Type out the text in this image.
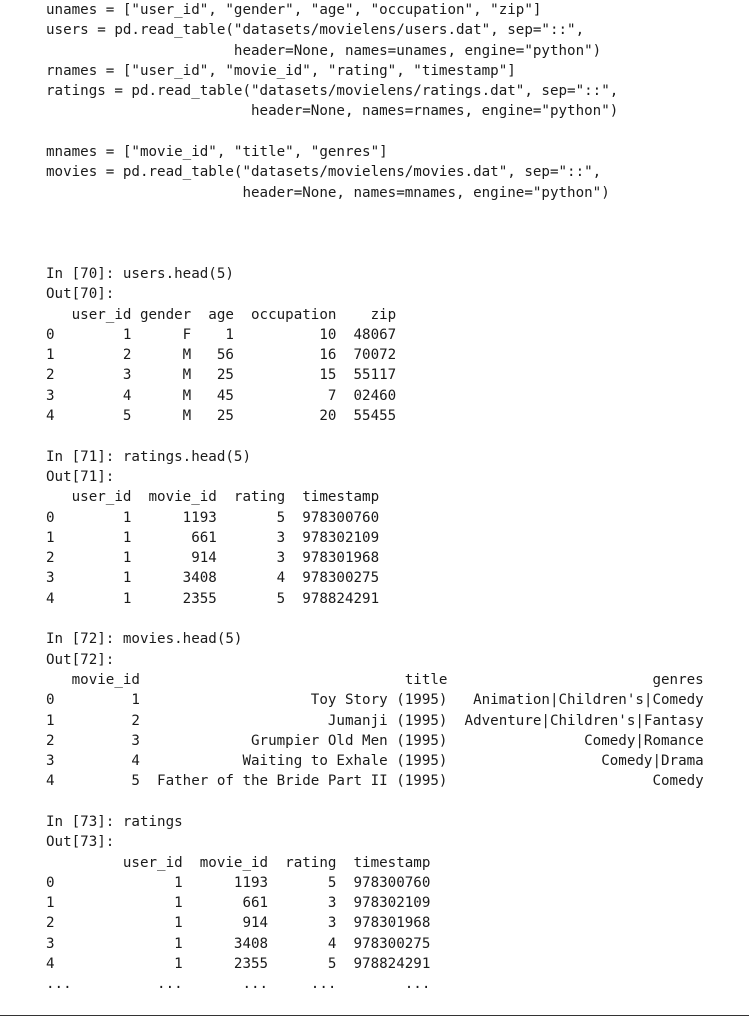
unames = ["user_id", "gender", "age", "occupation", "zip"]
users = pd.read_table("datasets/movielens/users.dat", sep="::",
header=None, names=unames, engine="python")
rnames = ["user_id", "movie_id", "rating", "timestamp"]
ratings = pd.read_table("datasets/movielens/ratings.dat", sep="::",
header=None, names=rnames, engine="python")
mnames = ["movie_id", "title", "genres"]
movies = pd.read_table("datasets/movielens/movies.dat", sep="::",
header=None, names=mnames, engine="python")
In [70]: users.head(5)
Out[70]:
user_id gender  age  occupation    zip
0        1      F    1          10  48067
1        2      M   56          16  70072
2        3      M   25          15  55117
3        4      M   45           7  02460
4        5      M   25          20  55455
In [71]: ratings.head(5)
Out[71]:
user_id  movie_id  rating  timestamp
0        1      1193       5  978300760
1        1       661       3  978302109
2        1       914       3  978301968
3        1      3408       4  978300275
4        1      2355       5  978824291
In [72]: movies.head(5)
Out[72]:
movie_id                               title                        genres
0         1                    Toy Story (1995)   Animation|Children's|Comedy
1         2                      Jumanji (1995)  Adventure|Children's|Fantasy
2         3             Grumpier Old Men (1995)                Comedy|Romance
3         4            Waiting to Exhale (1995)                  Comedy|Drama
4         5  Father of the Bride Part II (1995)                        Comedy
In [73]: ratings
Out[73]:
user_id  movie_id  rating  timestamp
0              1      1193       5  978300760
1              1       661       3  978302109
2              1       914       3  978301968
3              1      3408       4  978300275
4              1      2355       5  978824291
...          ...       ...     ...        ...
